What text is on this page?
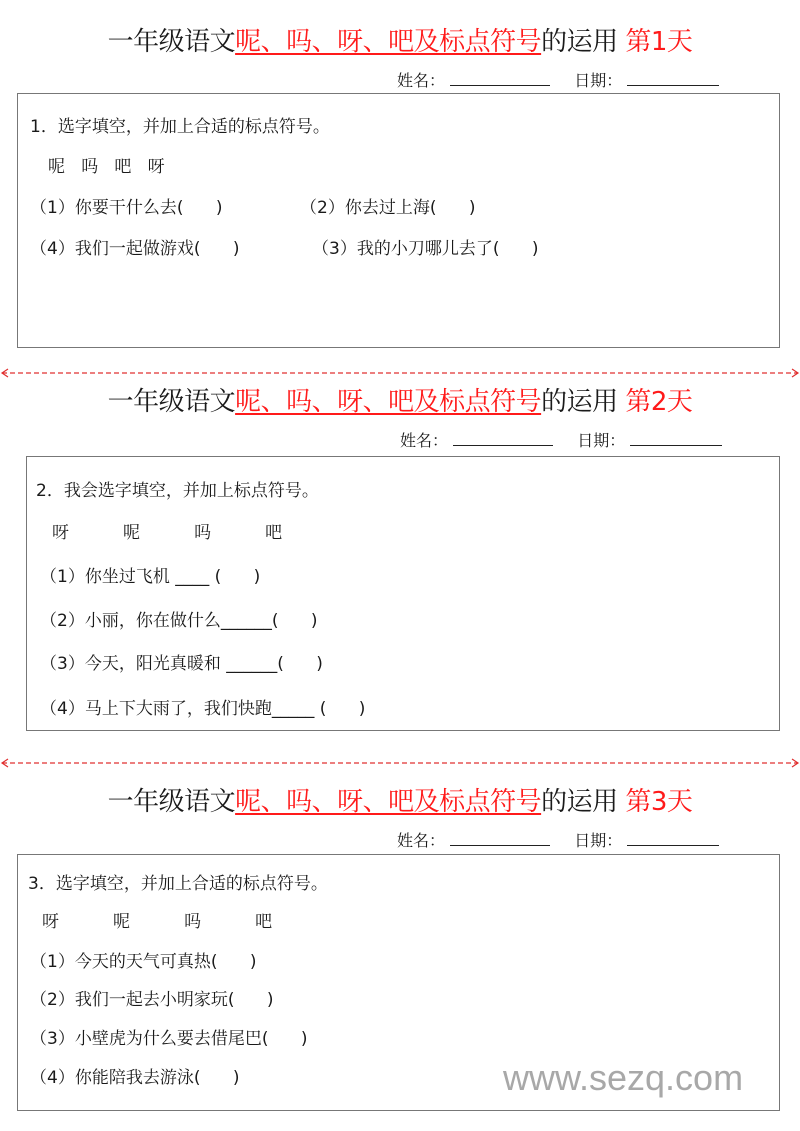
一年级语文呢、吗、呀、吧及标点符号的运用 第1天
姓名：	日期：
1．选字填空，并加上合适的标点符号。
呢   吗   吧   呀
（1）你要干什么去(      )	（2）你去过上海(      )
（4）我们一起做游戏(      )	（3）我的小刀哪儿去了(      )
一年级语文呢、吗、呀、吧及标点符号的运用 第2天
姓名：	日期：
2．我会选字填空，并加上标点符号。
呀          呢          吗          吧
（1）你坐过飞机 ____ (      )
（2）小丽，你在做什么______(      )
（3）今天，阳光真暖和 ______(      )
（4）马上下大雨了，我们快跑_____ (      )
一年级语文呢、吗、呀、吧及标点符号的运用 第3天
姓名：	日期：
3．选字填空，并加上合适的标点符号。
呀          呢          吗          吧
（1）今天的天气可真热(      )
（2）我们一起去小明家玩(      )
（3）小壁虎为什么要去借尾巴(      )
（4）你能陪我去游泳(      )	www.sezq.com
